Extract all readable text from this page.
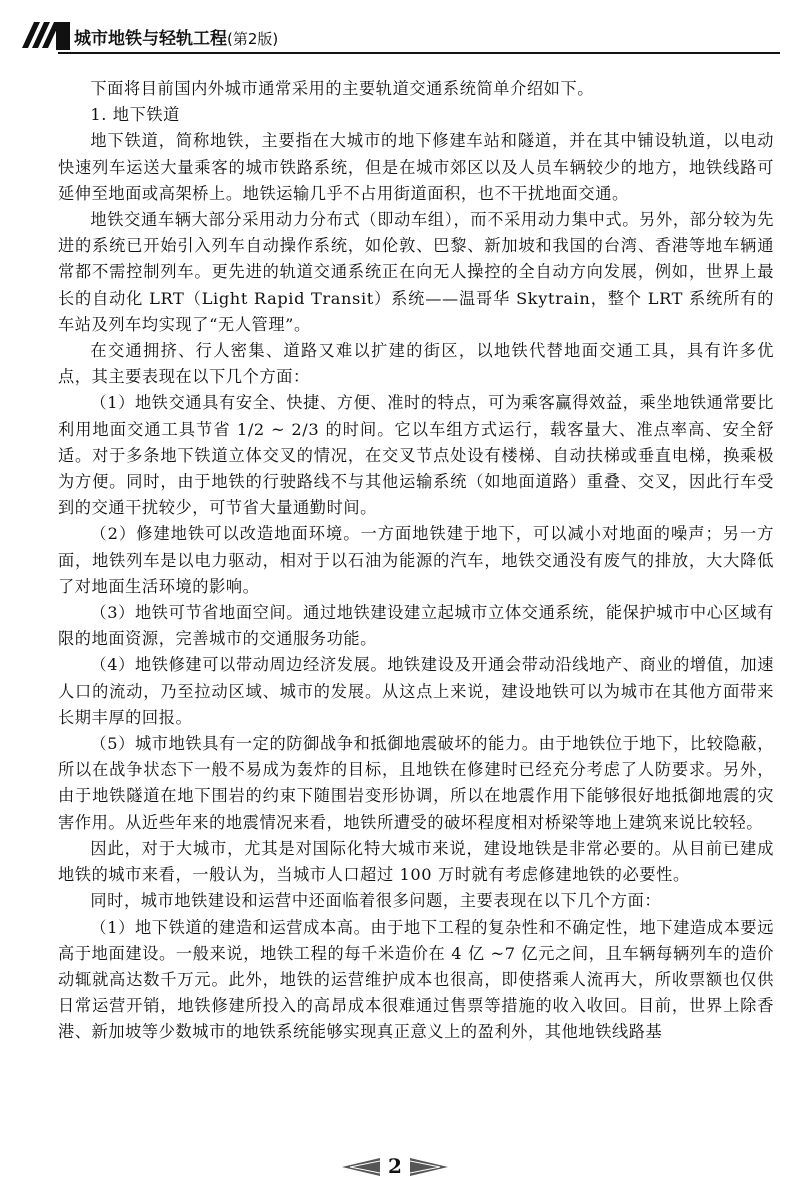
城市地铁与轻轨工程(第2版)

下面将目前国内外城市通常采用的主要轨道交通系统简单介绍如下。

1. 地下铁道

地下铁道，简称地铁，主要指在大城市的地下修建车站和隧道，并在其中铺设轨道，以电动快速列车运送大量乘客的城市铁路系统，但是在城市郊区以及人员车辆较少的地方，地铁线路可延伸至地面或高架桥上。地铁运输几乎不占用街道面积，也不干扰地面交通。

地铁交通车辆大部分采用动力分布式（即动车组），而不采用动力集中式。另外，部分较为先进的系统已开始引入列车自动操作系统，如伦敦、巴黎、新加坡和我国的台湾、香港等地车辆通常都不需控制列车。更先进的轨道交通系统正在向无人操控的全自动方向发展，例如，世界上最长的自动化 LRT（Light Rapid Transit）系统——温哥华 Skytrain，整个 LRT 系统所有的车站及列车均实现了“无人管理”。

在交通拥挤、行人密集、道路又难以扩建的街区，以地铁代替地面交通工具，具有许多优点，其主要表现在以下几个方面：

（1）地铁交通具有安全、快捷、方便、准时的特点，可为乘客赢得效益，乘坐地铁通常要比利用地面交通工具节省 1/2 ~ 2/3 的时间。它以车组方式运行，载客量大、准点率高、安全舒适。对于多条地下铁道立体交叉的情况，在交叉节点处设有楼梯、自动扶梯或垂直电梯，换乘极为方便。同时，由于地铁的行驶路线不与其他运输系统（如地面道路）重叠、交叉，因此行车受到的交通干扰较少，可节省大量通勤时间。

（2）修建地铁可以改造地面环境。一方面地铁建于地下，可以减小对地面的噪声；另一方面，地铁列车是以电力驱动，相对于以石油为能源的汽车，地铁交通没有废气的排放，大大降低了对地面生活环境的影响。

（3）地铁可节省地面空间。通过地铁建设建立起城市立体交通系统，能保护城市中心区域有限的地面资源，完善城市的交通服务功能。

（4）地铁修建可以带动周边经济发展。地铁建设及开通会带动沿线地产、商业的增值，加速人口的流动，乃至拉动区域、城市的发展。从这点上来说，建设地铁可以为城市在其他方面带来长期丰厚的回报。

（5）城市地铁具有一定的防御战争和抵御地震破坏的能力。由于地铁位于地下，比较隐蔽，所以在战争状态下一般不易成为轰炸的目标，且地铁在修建时已经充分考虑了人防要求。另外，由于地铁隧道在地下围岩的约束下随围岩变形协调，所以在地震作用下能够很好地抵御地震的灾害作用。从近些年来的地震情况来看，地铁所遭受的破坏程度相对桥梁等地上建筑来说比较轻。

因此，对于大城市，尤其是对国际化特大城市来说，建设地铁是非常必要的。从目前已建成地铁的城市来看，一般认为，当城市人口超过 100 万时就有考虑修建地铁的必要性。

同时，城市地铁建设和运营中还面临着很多问题，主要表现在以下几个方面：

（1）地下铁道的建造和运营成本高。由于地下工程的复杂性和不确定性，地下建造成本要远高于地面建设。一般来说，地铁工程的每千米造价在 4 亿 ~7 亿元之间，且车辆每辆列车的造价动辄就高达数千万元。此外，地铁的运营维护成本也很高，即使搭乘人流再大，所收票额也仅供日常运营开销，地铁修建所投入的高昂成本很难通过售票等措施的收入收回。目前，世界上除香港、新加坡等少数城市的地铁系统能够实现真正意义上的盈利外，其他地铁线路基

2
